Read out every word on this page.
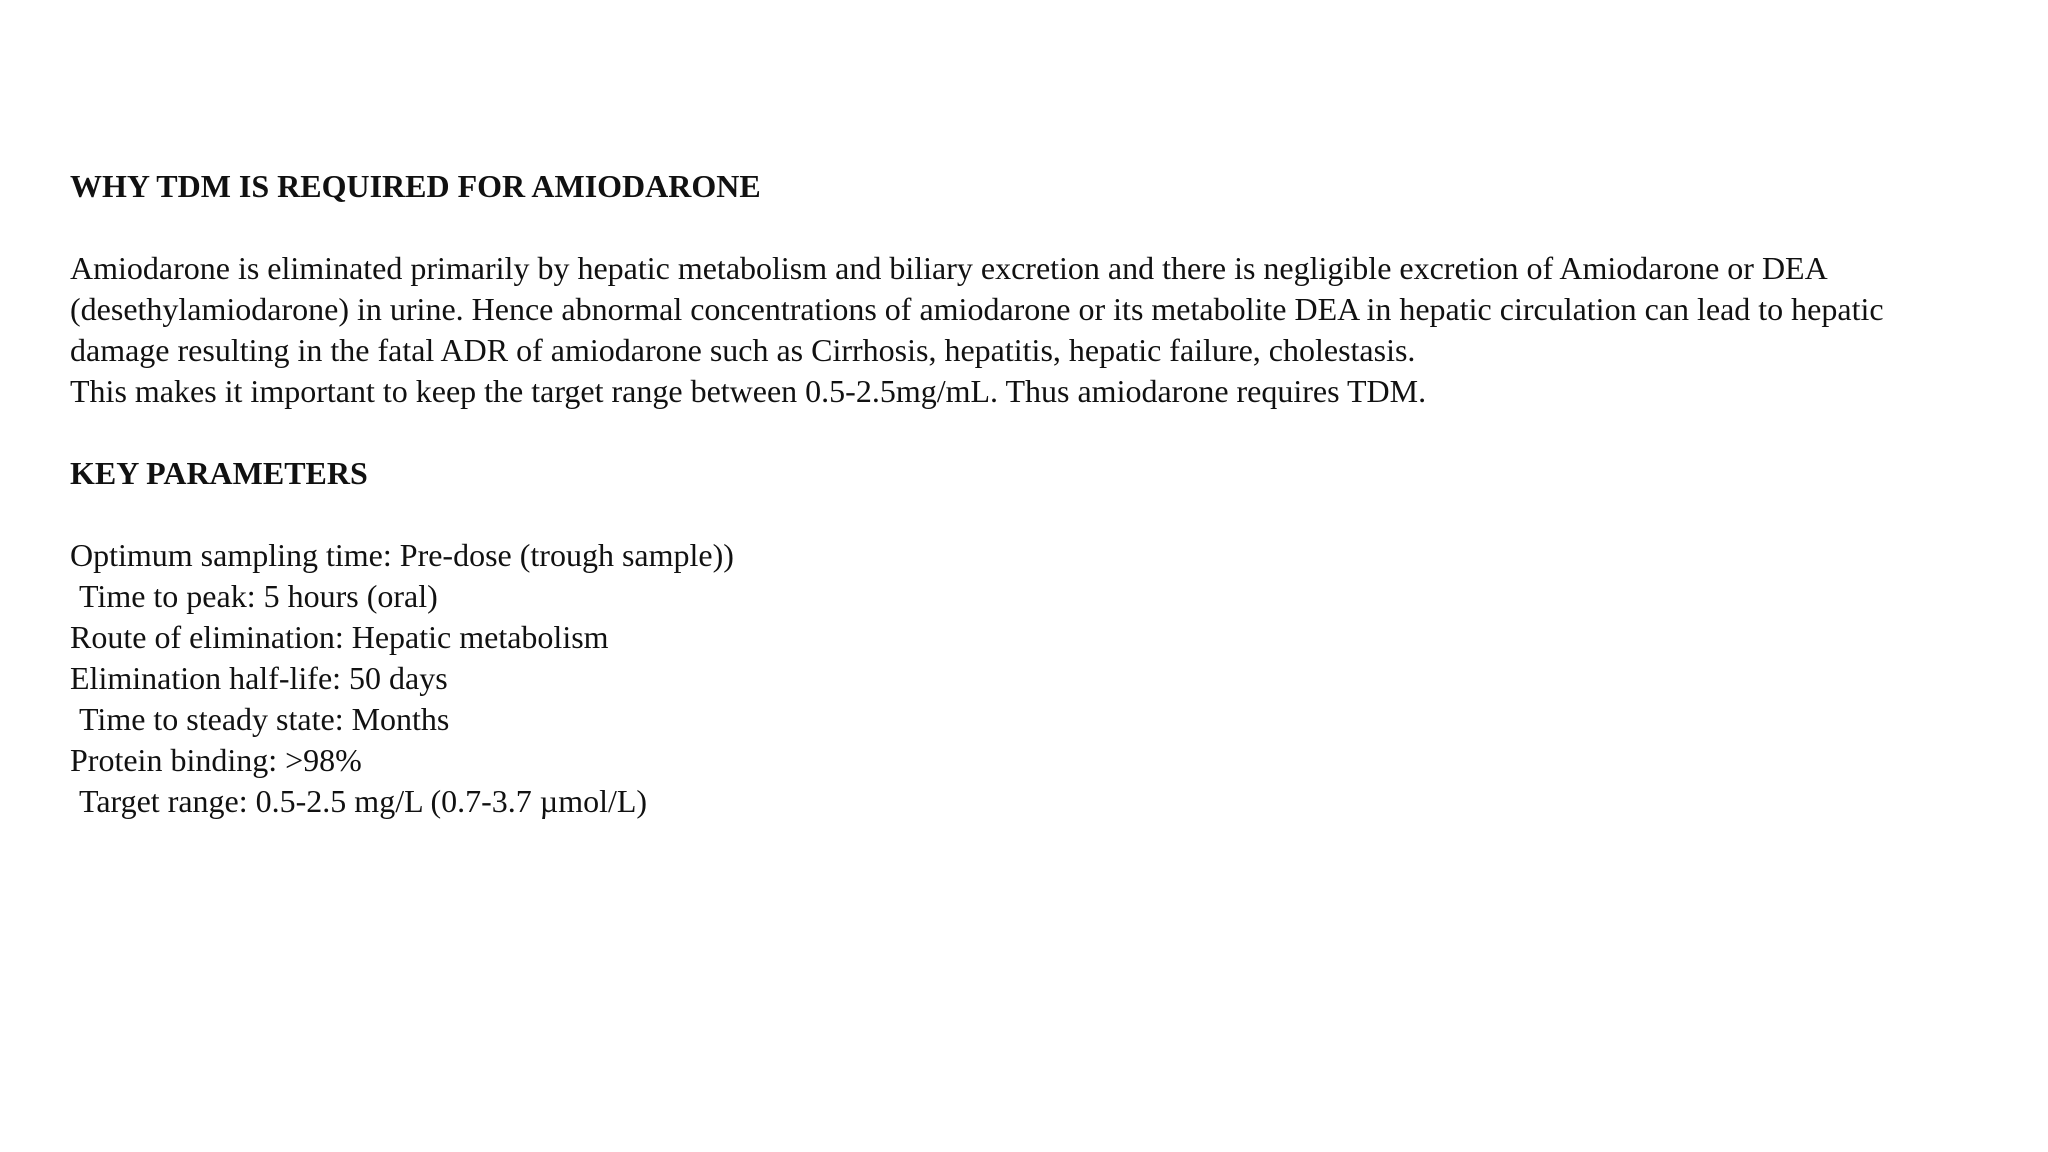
WHY TDM IS REQUIRED FOR AMIODARONE

Amiodarone is eliminated primarily by hepatic metabolism and biliary excretion and there is negligible excretion of Amiodarone or DEA

(desethylamiodarone) in urine. Hence abnormal concentrations of amiodarone or its metabolite DEA in hepatic circulation can lead to hepatic

damage resulting in the fatal ADR of amiodarone such as Cirrhosis, hepatitis, hepatic failure, cholestasis.

This makes it important to keep the target range between 0.5-2.5mg/mL. Thus amiodarone requires TDM.

KEY PARAMETERS

Optimum sampling time: Pre-dose (trough sample))

Time to peak: 5 hours (oral)

Route of elimination: Hepatic metabolism

Elimination half-life: 50 days

Time to steady state: Months

Protein binding: >98%

Target range: 0.5-2.5 mg/L (0.7-3.7 µmol/L)
